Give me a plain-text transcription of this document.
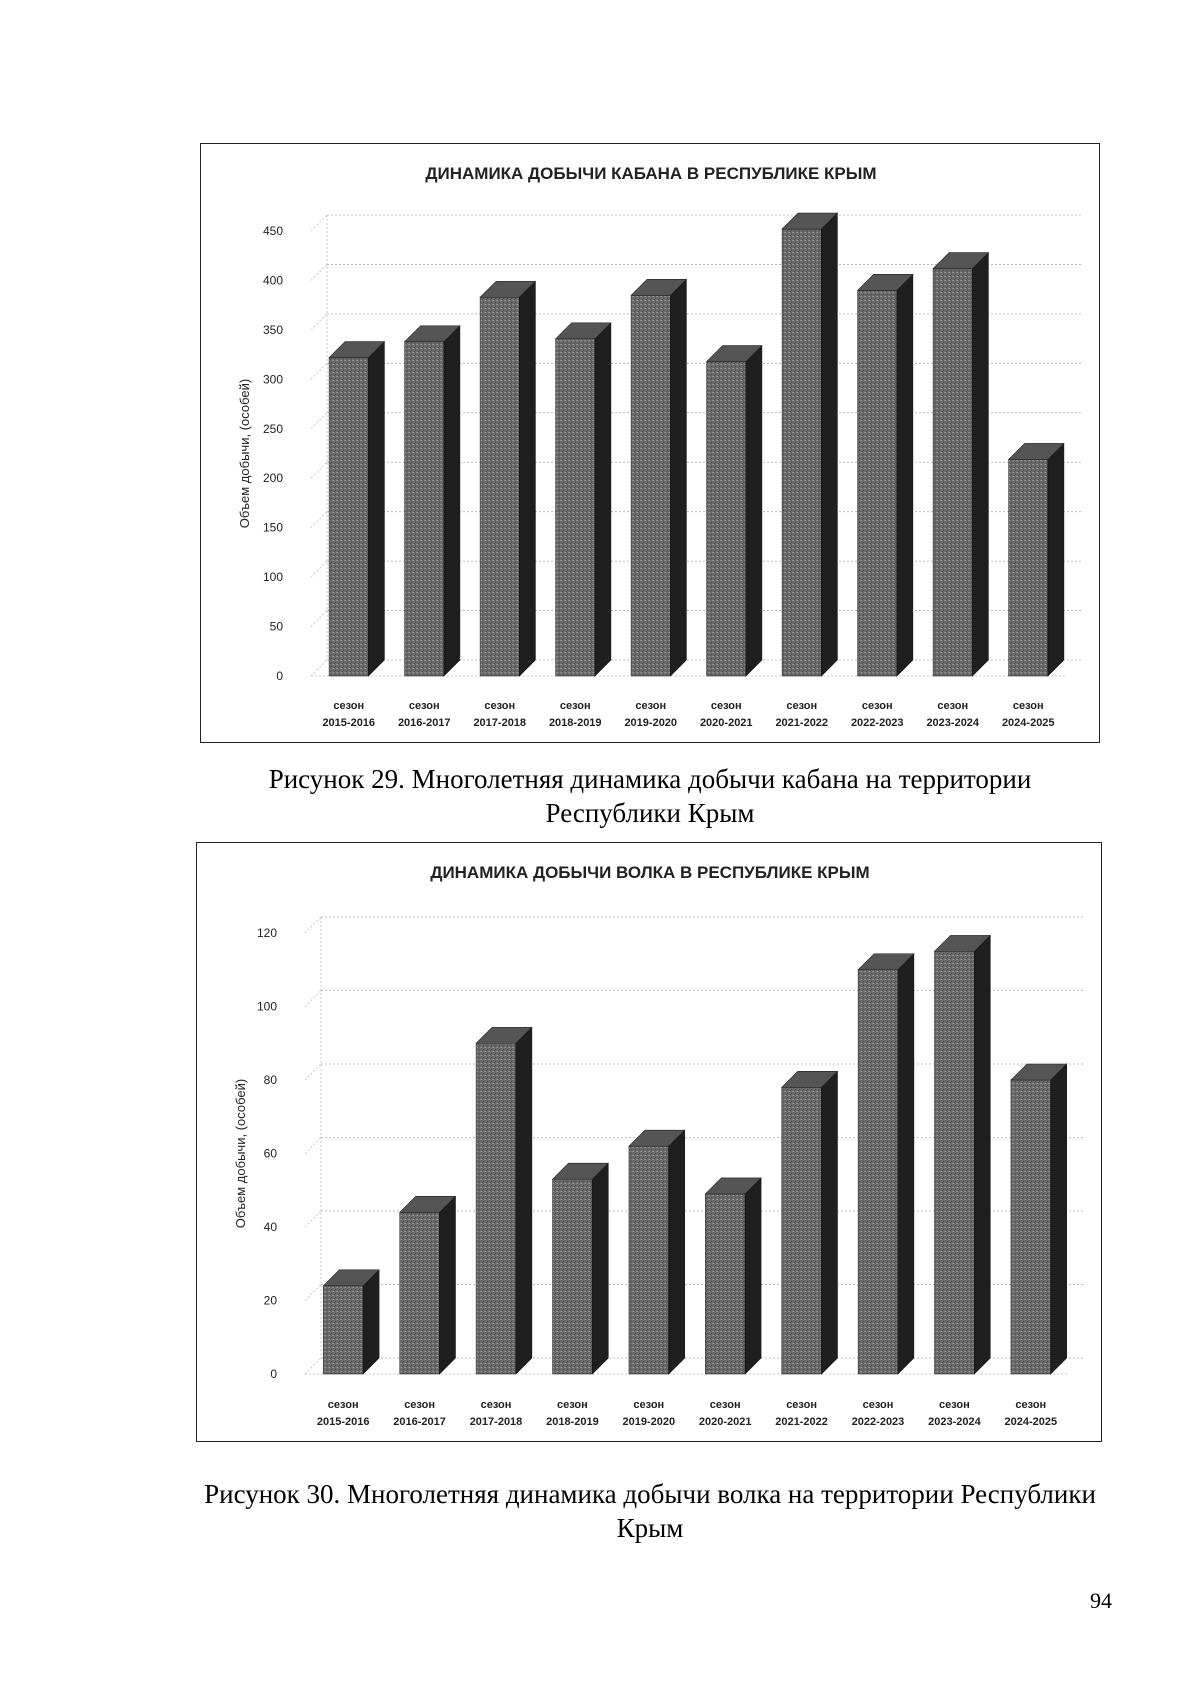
ДИНАМИКА ДОБЫЧИ КАБАНА В РЕСПУБЛИКЕ КРЫМ
0
50
100
150
200
250
300
350
400
450
Объем добычи, (особей)
сезон
2015-2016
сезон
2016-2017
сезон
2017-2018
сезон
2018-2019
сезон
2019-2020
сезон
2020-2021
сезон
2021-2022
сезон
2022-2023
сезон
2023-2024
сезон
2024-2025
Рисунок 29. Многолетняя динамика добычи кабана на территории Республики Крым
ДИНАМИКА ДОБЫЧИ ВОЛКА В РЕСПУБЛИКЕ КРЫМ
0
20
40
60
80
100
120
Объем добычи, (особей)
сезон
2015-2016
сезон
2016-2017
сезон
2017-2018
сезон
2018-2019
сезон
2019-2020
сезон
2020-2021
сезон
2021-2022
сезон
2022-2023
сезон
2023-2024
сезон
2024-2025
Рисунок 30. Многолетняя динамика добычи волка на территории Республики Крым
94
